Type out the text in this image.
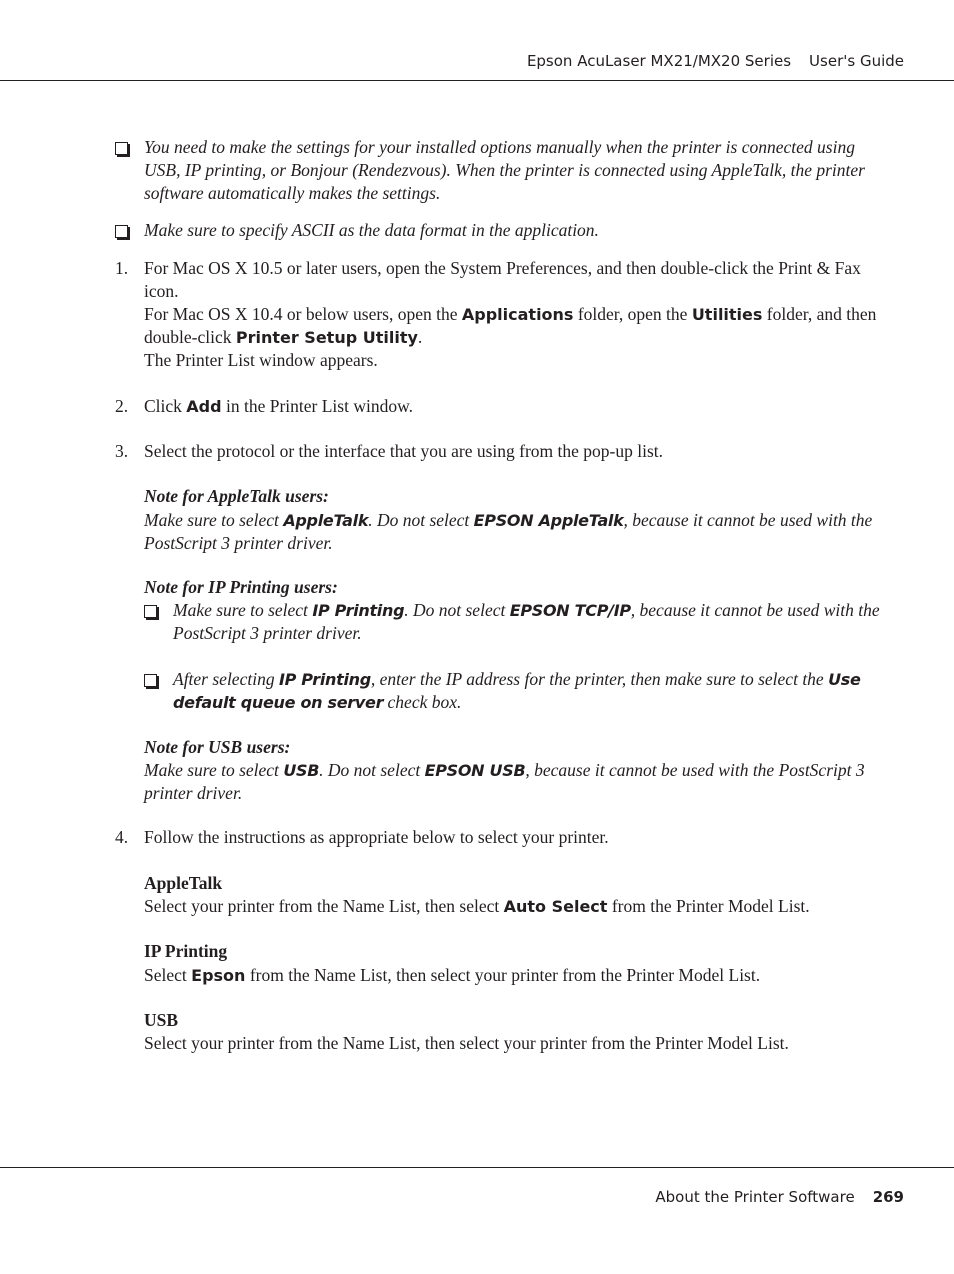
Epson AcuLaser MX21/MX20 Series User's Guide

You need to make the settings for your installed options manually when the printer is connected using USB, IP printing, or Bonjour (Rendezvous). When the printer is connected using AppleTalk, the printer software automatically makes the settings.

Make sure to specify ASCII as the data format in the application.

1. For Mac OS X 10.5 or later users, open the System Preferences, and then double-click the Print & Fax icon.

For Mac OS X 10.4 or below users, open the Applications folder, open the Utilities folder, and then double-click Printer Setup Utility.

The Printer List window appears.

2. Click Add in the Printer List window.

3. Select the protocol or the interface that you are using from the pop-up list.

Note for AppleTalk users:

Make sure to select AppleTalk. Do not select EPSON AppleTalk, because it cannot be used with the PostScript 3 printer driver.

Note for IP Printing users:

Make sure to select IP Printing. Do not select EPSON TCP/IP, because it cannot be used with the PostScript 3 printer driver.

After selecting IP Printing, enter the IP address for the printer, then make sure to select the Use default queue on server check box.

Note for USB users:

Make sure to select USB. Do not select EPSON USB, because it cannot be used with the PostScript 3 printer driver.

4. Follow the instructions as appropriate below to select your printer.

AppleTalk

Select your printer from the Name List, then select Auto Select from the Printer Model List.

IP Printing

Select Epson from the Name List, then select your printer from the Printer Model List.

USB

Select your printer from the Name List, then select your printer from the Printer Model List.

About the Printer Software 269
